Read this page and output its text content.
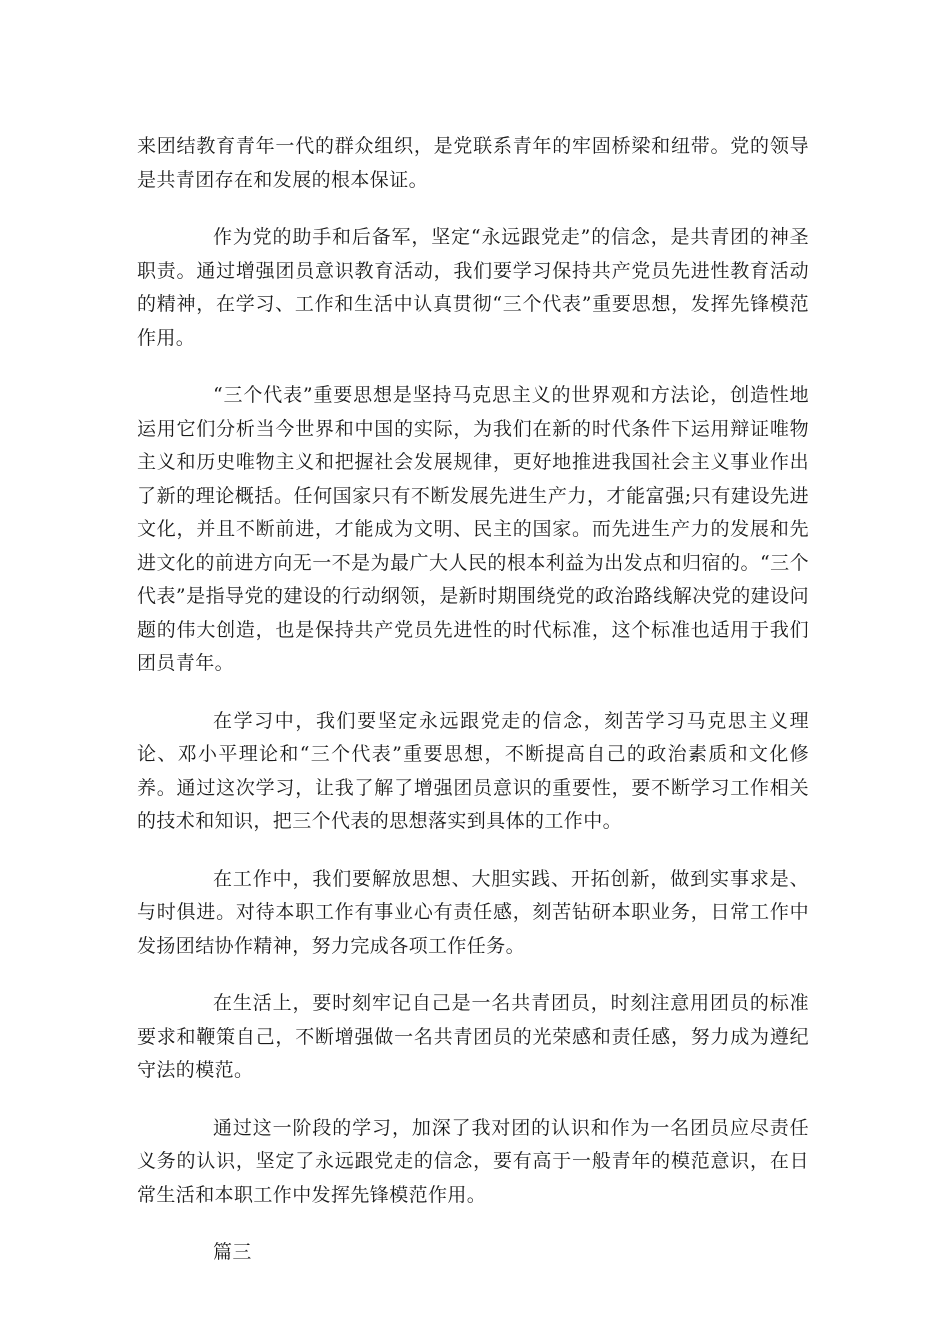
来团结教育青年一代的群众组织，是党联系青年的牢固桥梁和纽带。党的领导是共青团存在和发展的根本保证。

作为党的助手和后备军，坚定“永远跟党走”的信念，是共青团的神圣职责。通过增强团员意识教育活动，我们要学习保持共产党员先进性教育活动的精神，在学习、工作和生活中认真贯彻“三个代表”重要思想，发挥先锋模范作用。

“三个代表”重要思想是坚持马克思主义的世界观和方法论，创造性地运用它们分析当今世界和中国的实际，为我们在新的时代条件下运用辩证唯物主义和历史唯物主义和把握社会发展规律，更好地推进我国社会主义事业作出了新的理论概括。任何国家只有不断发展先进生产力，才能富强;只有建设先进文化，并且不断前进，才能成为文明、民主的国家。而先进生产力的发展和先进文化的前进方向无一不是为最广大人民的根本利益为出发点和归宿的。“三个代表”是指导党的建设的行动纲领，是新时期围绕党的政治路线解决党的建设问题的伟大创造，也是保持共产党员先进性的时代标准，这个标准也适用于我们团员青年。

在学习中，我们要坚定永远跟党走的信念，刻苦学习马克思主义理论、邓小平理论和“三个代表”重要思想，不断提高自己的政治素质和文化修养。通过这次学习，让我了解了增强团员意识的重要性，要不断学习工作相关的技术和知识，把三个代表的思想落实到具体的工作中。

在工作中，我们要解放思想、大胆实践、开拓创新，做到实事求是、与时俱进。对待本职工作有事业心有责任感，刻苦钻研本职业务，日常工作中发扬团结协作精神，努力完成各项工作任务。

在生活上，要时刻牢记自己是一名共青团员，时刻注意用团员的标准要求和鞭策自己，不断增强做一名共青团员的光荣感和责任感，努力成为遵纪守法的模范。

通过这一阶段的学习，加深了我对团的认识和作为一名团员应尽责任义务的认识，坚定了永远跟党走的信念，要有高于一般青年的模范意识，在日常生活和本职工作中发挥先锋模范作用。

篇三
